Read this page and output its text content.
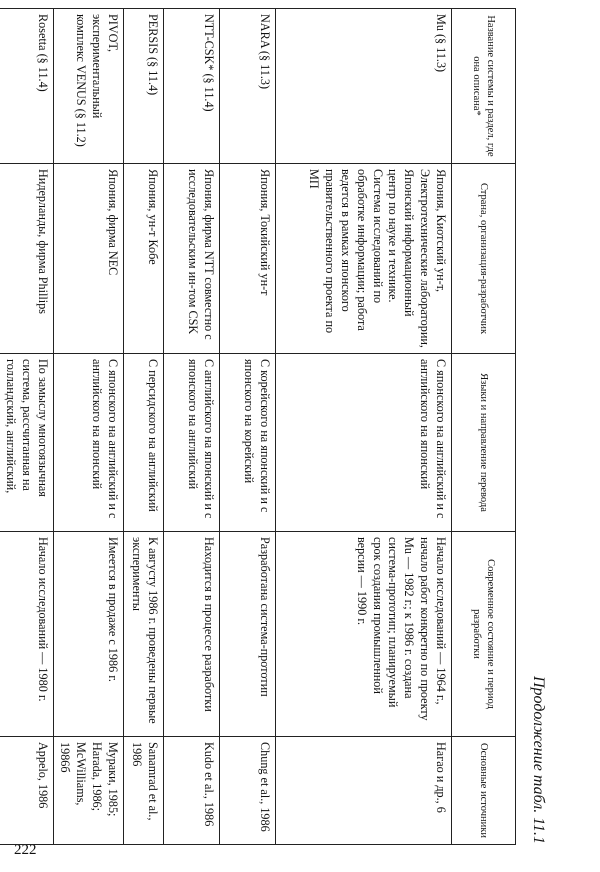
222
Продолжение табл. 11.1
Название системы и раздел, где она описана*	Страна, организация-разработчик	Языки и направление перевода	Современное состояние и период разработки	Основные источники
Mu (§ 11.3)	Япония, Киотский ун-т, Электротехнические лаборатории, Японский информационный центр по науке и технике. Система исследований по обработке информации; работа ведется в рамках японского правительственного проекта по МП	С японского на английский и с английского на японский	Начало исследований — 1964 г., начало работ конкретно по проекту Mu — 1982 г.; к 1986 г. создана система-прототип; планируемый срок создания промышленной версии — 1990 г.	Нагао и др., 6
NARA (§ 11.3)	Япония, Токийский ун-т	С корейского на японский и с японского на корейский	Разработана система-прототип	Chung et al., 1986
NTT-CSK* (§ 11.4)	Япония, фирма NTT совместно с исследовательским ин-том CSK	С английского на японский и с японского на английский	Находится в процессе разработки	Kudo et al., 1986
PERSIS (§ 11.4)	Япония, ун-т Кобе	С персидского на английский	К августу 1986 г. проведены первые эксперименты	Sanamrad et al., 1986
PIVOT, экспериментальный комплекс VENUS (§ 11.2)	Япония, фирма NEC	С японского на английский и с английского на японский	Имеется в продаже с 1986 г.	Мураки, 1985; Harada, 1986; McWilliams, 1986б
Rosetta (§ 11.4)	Нидерланды, фирма Phillips	По замыслу многоязычная система, рассчитанная на голландский, английский,	Начало исследований — 1980 г.	Appelo, 1986
